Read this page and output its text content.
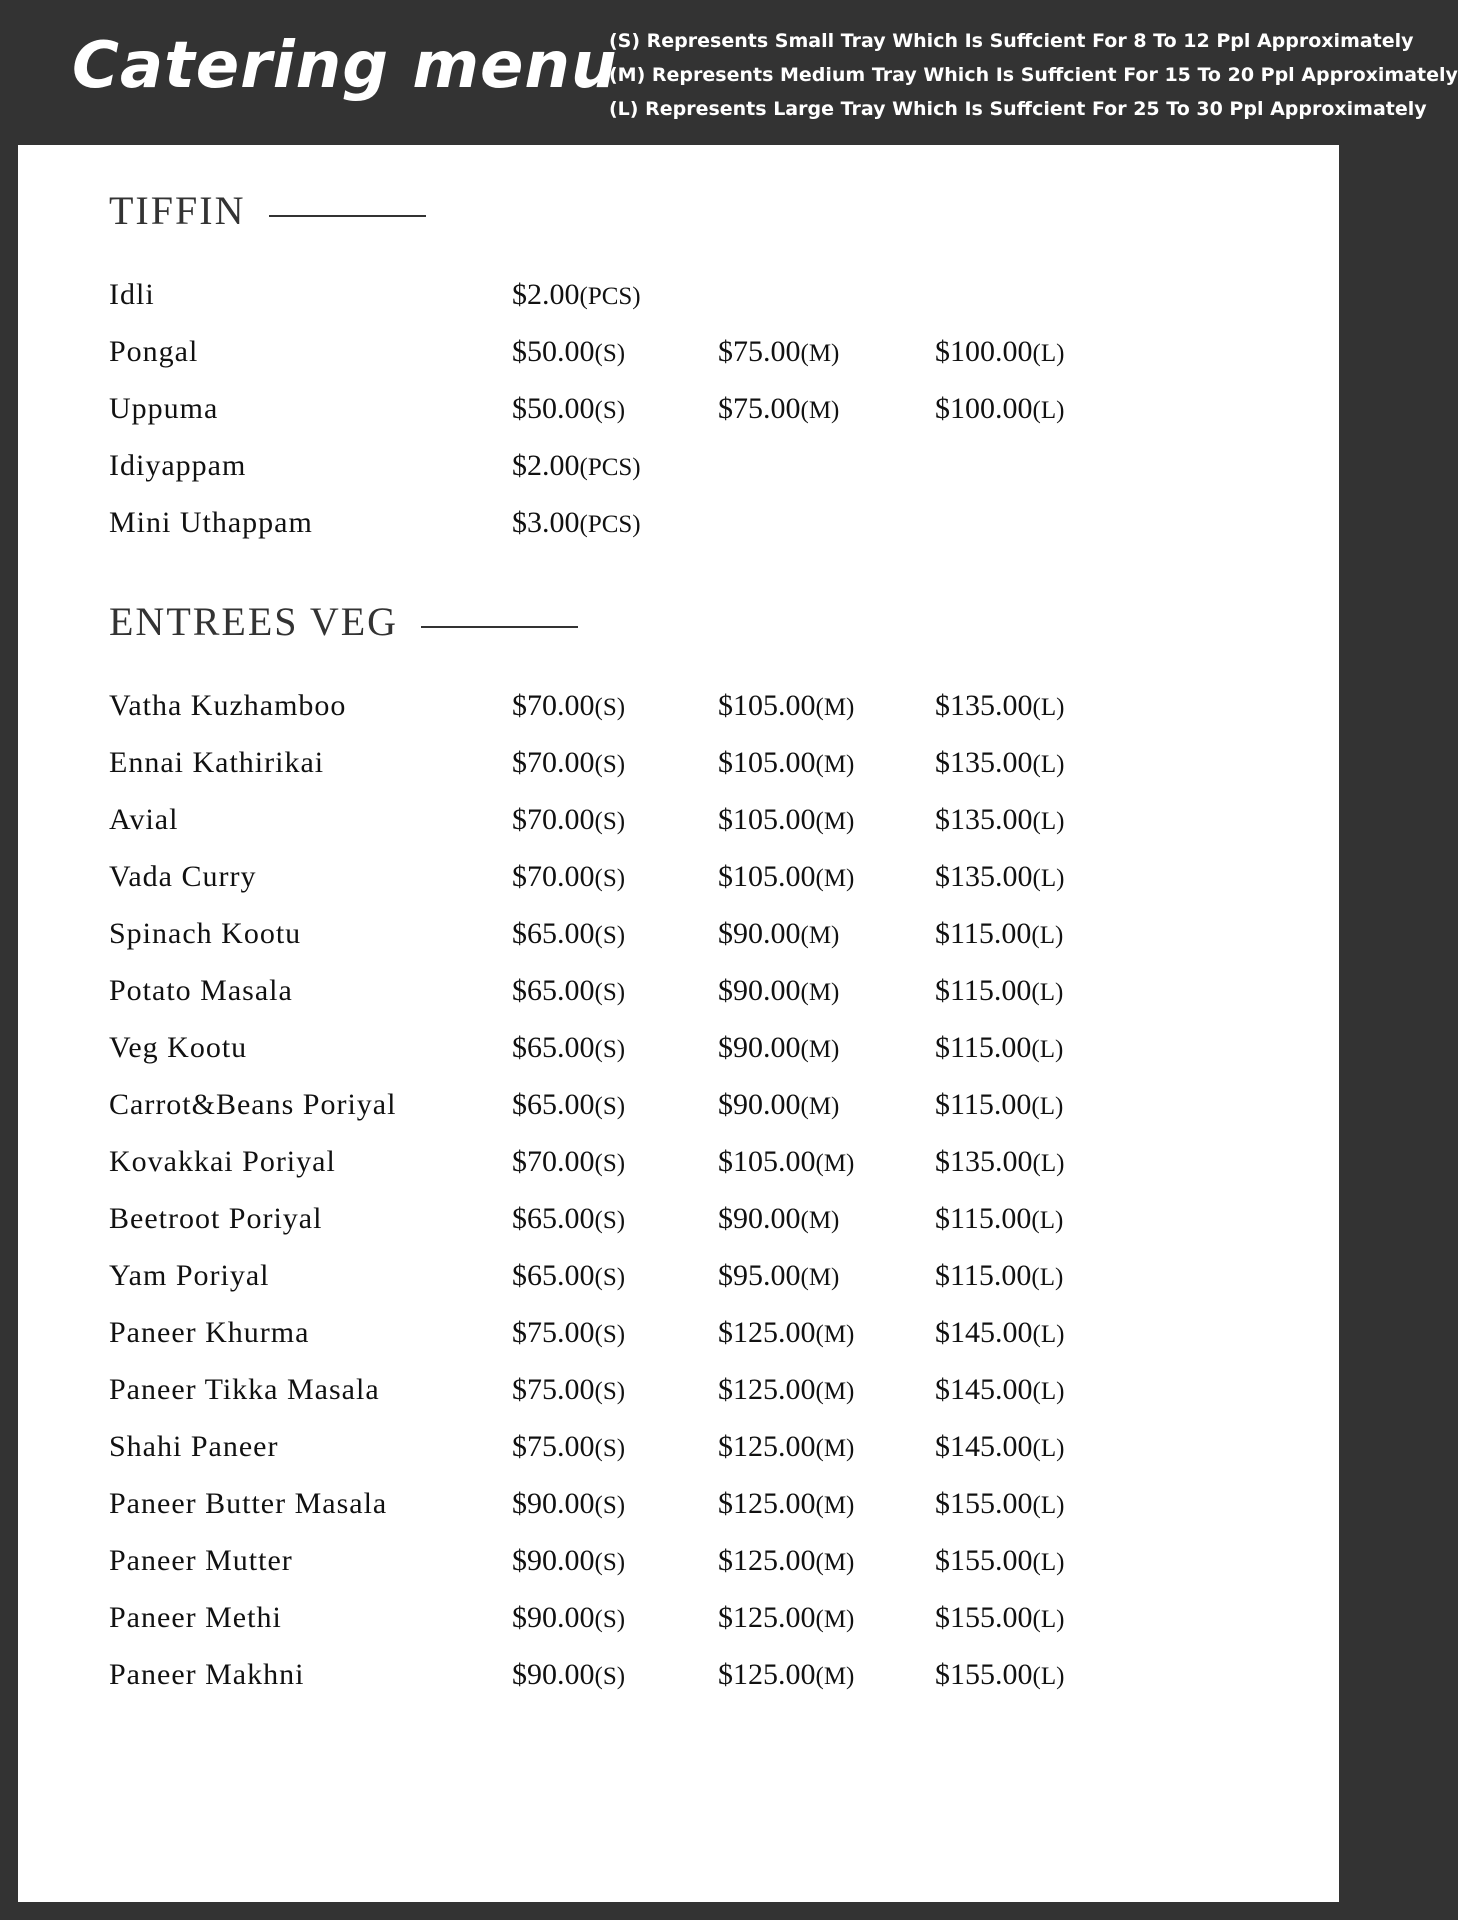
Catering menu
(S) Represents Small Tray Which Is Suffcient For 8 To 12 Ppl Approximately
(M) Represents Medium Tray Which Is Suffcient For 15 To 20 Ppl Approximately
(L) Represents Large Tray Which Is Suffcient For 25 To 30 Ppl Approximately
TIFFIN
Idli	$2.00(PCS)
Pongal	$50.00(S)	$75.00(M)	$100.00(L)
Uppuma	$50.00(S)	$75.00(M)	$100.00(L)
Idiyappam	$2.00(PCS)
Mini Uthappam	$3.00(PCS)
ENTREES VEG
Vatha Kuzhamboo	$70.00(S)	$105.00(M)	$135.00(L)
Ennai Kathirikai	$70.00(S)	$105.00(M)	$135.00(L)
Avial	$70.00(S)	$105.00(M)	$135.00(L)
Vada Curry	$70.00(S)	$105.00(M)	$135.00(L)
Spinach Kootu	$65.00(S)	$90.00(M)	$115.00(L)
Potato Masala	$65.00(S)	$90.00(M)	$115.00(L)
Veg Kootu	$65.00(S)	$90.00(M)	$115.00(L)
Carrot&Beans Poriyal	$65.00(S)	$90.00(M)	$115.00(L)
Kovakkai Poriyal	$70.00(S)	$105.00(M)	$135.00(L)
Beetroot Poriyal	$65.00(S)	$90.00(M)	$115.00(L)
Yam Poriyal	$65.00(S)	$95.00(M)	$115.00(L)
Paneer Khurma	$75.00(S)	$125.00(M)	$145.00(L)
Paneer Tikka Masala	$75.00(S)	$125.00(M)	$145.00(L)
Shahi Paneer	$75.00(S)	$125.00(M)	$145.00(L)
Paneer Butter Masala	$90.00(S)	$125.00(M)	$155.00(L)
Paneer Mutter	$90.00(S)	$125.00(M)	$155.00(L)
Paneer Methi	$90.00(S)	$125.00(M)	$155.00(L)
Paneer Makhni	$90.00(S)	$125.00(M)	$155.00(L)
